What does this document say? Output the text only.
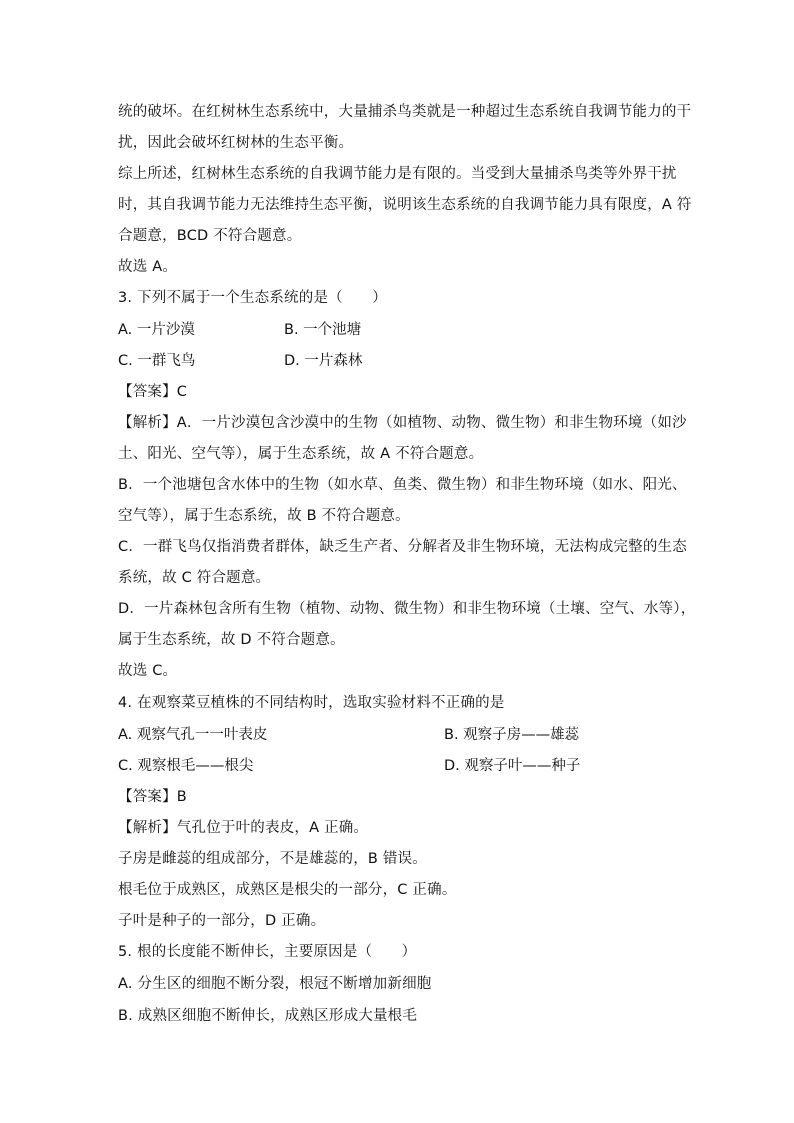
统的破坏。在红树林生态系统中，大量捕杀鸟类就是一种超过生态系统自我调节能力的干
扰，因此会破坏红树林的生态平衡。
综上所述，红树林生态系统的自我调节能力是有限的。当受到大量捕杀鸟类等外界干扰
时，其自我调节能力无法维持生态平衡，说明该生态系统的自我调节能力具有限度，A 符
合题意，BCD 不符合题意。
故选 A。
3. 下列不属于一个生态系统的是（　　）
A. 一片沙漠	B. 一个池塘
C. 一群飞鸟	D. 一片森林
【答案】C
【解析】A．一片沙漠包含沙漠中的生物（如植物、动物、微生物）和非生物环境（如沙
土、阳光、空气等），属于生态系统，故 A 不符合题意。
B．一个池塘包含水体中的生物（如水草、鱼类、微生物）和非生物环境（如水、阳光、
空气等），属于生态系统，故 B 不符合题意。
C．一群飞鸟仅指消费者群体，缺乏生产者、分解者及非生物环境，无法构成完整的生态
系统，故 C 符合题意。
D．一片森林包含所有生物（植物、动物、微生物）和非生物环境（土壤、空气、水等），
属于生态系统，故 D 不符合题意。
故选 C。
4. 在观察菜豆植株的不同结构时，选取实验材料不正确的是
A. 观察气孔一一叶表皮	B. 观察子房——雄蕊
C. 观察根毛——根尖	D. 观察子叶——种子
【答案】B
【解析】气孔位于叶的表皮，A 正确。
子房是雌蕊的组成部分，不是雄蕊的，B 错误。
根毛位于成熟区，成熟区是根尖的一部分，C 正确。
子叶是种子的一部分，D 正确。
5. 根的长度能不断伸长，主要原因是（　　）
A. 分生区的细胞不断分裂，根冠不断增加新细胞
B. 成熟区细胞不断伸长，成熟区形成大量根毛
